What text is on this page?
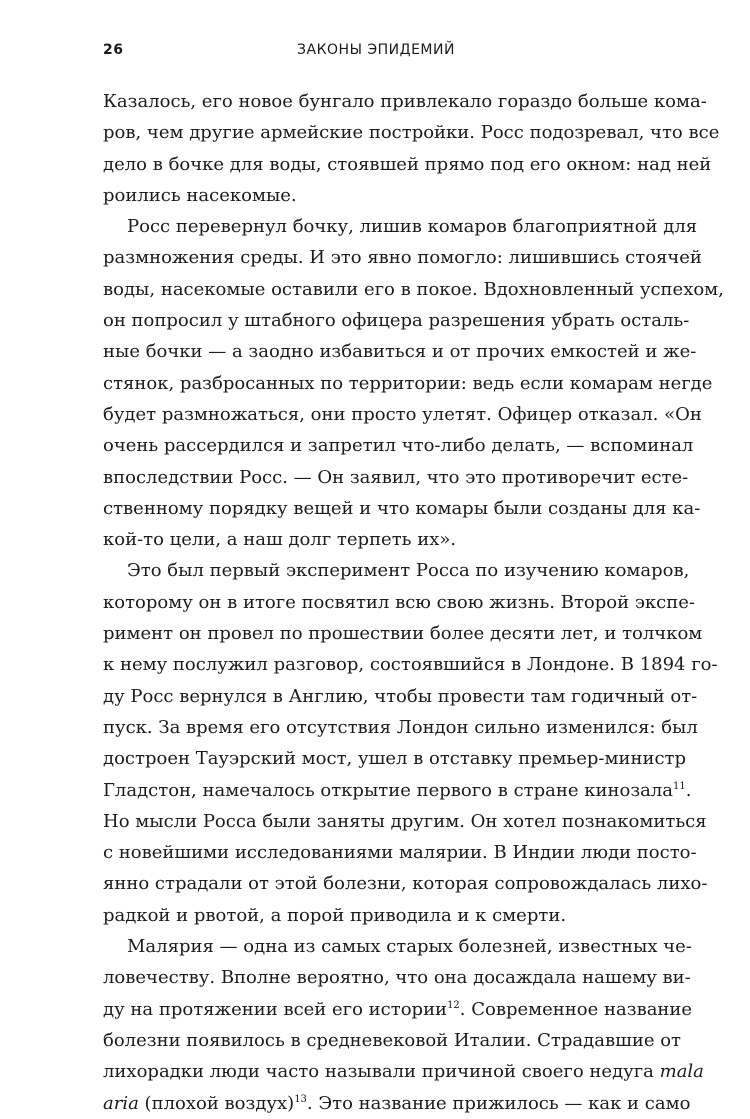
26	ЗАКОНЫ ЭПИДЕМИЙ
Казалось, его новое бунгало привлекало гораздо больше кома-
ров, чем другие армейские постройки. Росс подозревал, что все
дело в бочке для воды, стоявшей прямо под его окном: над ней
роились насекомые.
Росс перевернул бочку, лишив комаров благоприятной для
размножения среды. И это явно помогло: лишившись стоячей
воды, насекомые оставили его в покое. Вдохновленный успехом,
он попросил у штабного офицера разрешения убрать осталь-
ные бочки — а заодно избавиться и от прочих емкостей и же-
стянок, разбросанных по территории: ведь если комарам негде
будет размножаться, они просто улетят. Офицер отказал. «Он
очень рассердился и запретил что-либо делать, — вспоминал
впоследствии Росс. — Он заявил, что это противоречит есте-
ственному порядку вещей и что комары были созданы для ка-
кой-то цели, а наш долг терпеть их».
Это был первый эксперимент Росса по изучению комаров,
которому он в итоге посвятил всю свою жизнь. Второй экспе-
римент он провел по прошествии более десяти лет, и толчком
к нему послужил разговор, состоявшийся в Лондоне. В 1894 го-
ду Росс вернулся в Англию, чтобы провести там годичный от-
пуск. За время его отсутствия Лондон сильно изменился: был
достроен Тауэрский мост, ушел в отставку премьер-министр
Гладстон, намечалось открытие первого в стране кинозала$^{11}$.
Но мысли Росса были заняты другим. Он хотел познакомиться
с новейшими исследованиями малярии. В Индии люди посто-
янно страдали от этой болезни, которая сопровождалась лихо-
радкой и рвотой, а порой приводила и к смерти.
Малярия — одна из самых старых болезней, известных че-
ловечеству. Вполне вероятно, что она досаждала нашему ви-
ду на протяжении всей его истории$^{12}$. Современное название
болезни появилось в средневековой Италии. Страдавшие от
лихорадки люди часто называли причиной своего недуга mala
aria (плохой воздух)$^{13}$. Это название прижилось — как и само
